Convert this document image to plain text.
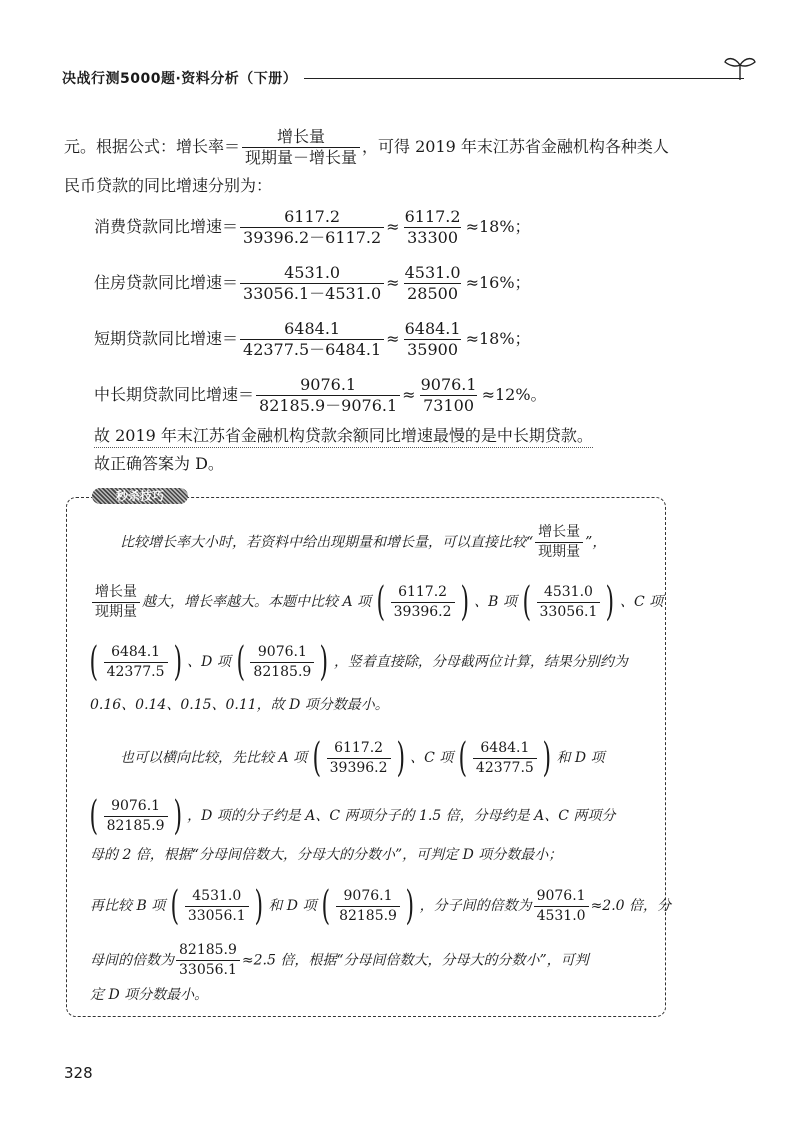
决战行测5000题·资料分析（下册）
元。根据公式：增长率＝ $\frac{\text{增长量}}{\text{现期量－增长量}}$ ，可得 2019 年末江苏省金融机构各种类人
民币贷款的同比增速分别为：
消费贷款同比增速＝ $\frac{6117.2}{39396.2-6117.2} \approx \frac{6117.2}{33300} \approx 18\%$；
住房贷款同比增速＝ $\frac{4531.0}{33056.1-4531.0} \approx \frac{4531.0}{28500} \approx 16\%$；
短期贷款同比增速＝ $\frac{6484.1}{42377.5-6484.1} \approx \frac{6484.1}{35900} \approx 18\%$；
中长期贷款同比增速＝ $\frac{9076.1}{82185.9-9076.1} \approx \frac{9076.1}{73100} \approx 12\%$。
故 2019 年末江苏省金融机构贷款余额同比增速最慢的是中长期贷款。
故正确答案为 D。
秒杀技巧
比较增长率大小时，若资料中给出现期量和增长量，可以直接比较“ $\frac{\text{增长量}}{\text{现期量}}$ ”，
$\frac{\text{增长量}}{\text{现期量}}$ 越大，增长率越大。本题中比较 A 项 ( $\frac{6117.2}{39396.2}$ ) 、B 项 ( $\frac{4531.0}{33056.1}$ ) 、C 项
( $\frac{6484.1}{42377.5}$ ) 、D 项 ( $\frac{9076.1}{82185.9}$ ) ，竖着直接除，分母截两位计算，结果分别约为
0.16、0.14、0.15、0.11，故 D 项分数最小。
也可以横向比较，先比较 A 项 ( $\frac{6117.2}{39396.2}$ ) 、C 项 ( $\frac{6484.1}{42377.5}$ ) 和 D 项
( $\frac{9076.1}{82185.9}$ ) ，D 项的分子约是 A、C 两项分子的 1.5 倍，分母约是 A、C 两项分
母的 2 倍，根据“分母间倍数大，分母大的分数小”，可判定 D 项分数最小；
再比较 B 项 ( $\frac{4531.0}{33056.1}$ ) 和 D 项 ( $\frac{9076.1}{82185.9}$ ) ，分子间的倍数为 $\frac{9076.1}{4531.0} \approx 2.0$ 倍，分
母间的倍数为 $\frac{82185.9}{33056.1} \approx 2.5$ 倍，根据“分母间倍数大，分母大的分数小”，可判
定 D 项分数最小。
328
